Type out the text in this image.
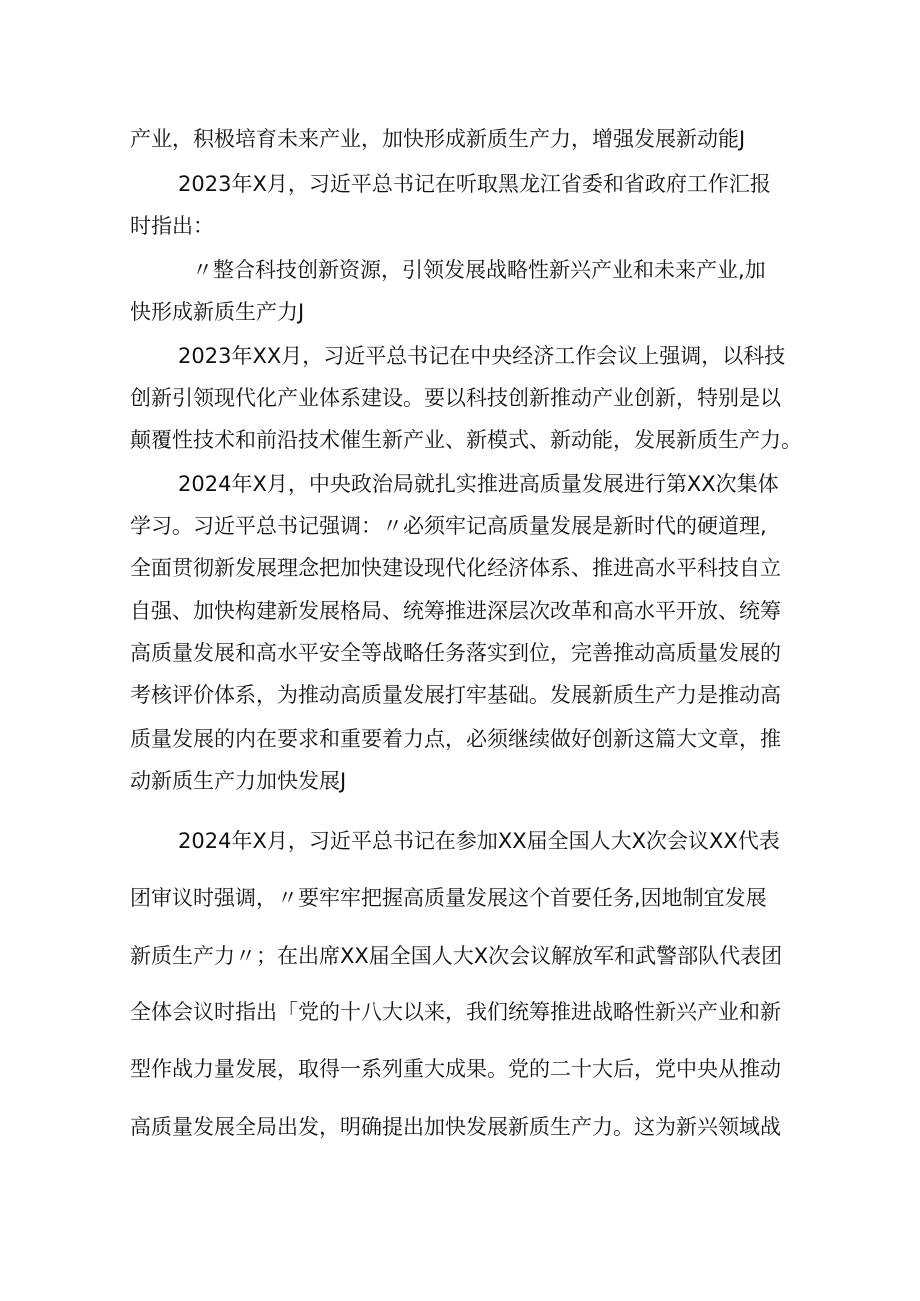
产业，积极培育未来产业，加快形成新质生产力，增强发展新动能J
2023年X月，习近平总书记在听取黑龙江省委和省政府工作汇报
时指出：
〃整合科技创新资源，引领发展战略性新兴产业和未来产业,加
快形成新质生产力J
2023年XX月，习近平总书记在中央经济工作会议上强调，以科技
创新引领现代化产业体系建设。要以科技创新推动产业创新，特别是以
颠覆性技术和前沿技术催生新产业、新模式、新动能，发展新质生产力。
2024年X月，中央政治局就扎实推进高质量发展进行第XX次集体
学习。习近平总书记强调：〃必须牢记高质量发展是新时代的硬道理,
全面贯彻新发展理念把加快建设现代化经济体系、推进高水平科技自立
自强、加快构建新发展格局、统筹推进深层次改革和高水平开放、统筹
高质量发展和高水平安全等战略任务落实到位，完善推动高质量发展的
考核评价体系，为推动高质量发展打牢基础。发展新质生产力是推动高
质量发展的内在要求和重要着力点，必须继续做好创新这篇大文章，推
动新质生产力加快发展J
2024年X月，习近平总书记在参加XX届全国人大X次会议XX代表
团审议时强调，〃要牢牢把握高质量发展这个首要任务,因地制宜发展
新质生产力〃；在出席XX届全国人大X次会议解放军和武警部队代表团
全体会议时指出「党的十八大以来，我们统筹推进战略性新兴产业和新
型作战力量发展，取得一系列重大成果。党的二十大后，党中央从推动
高质量发展全局出发，明确提出加快发展新质生产力。这为新兴领域战
